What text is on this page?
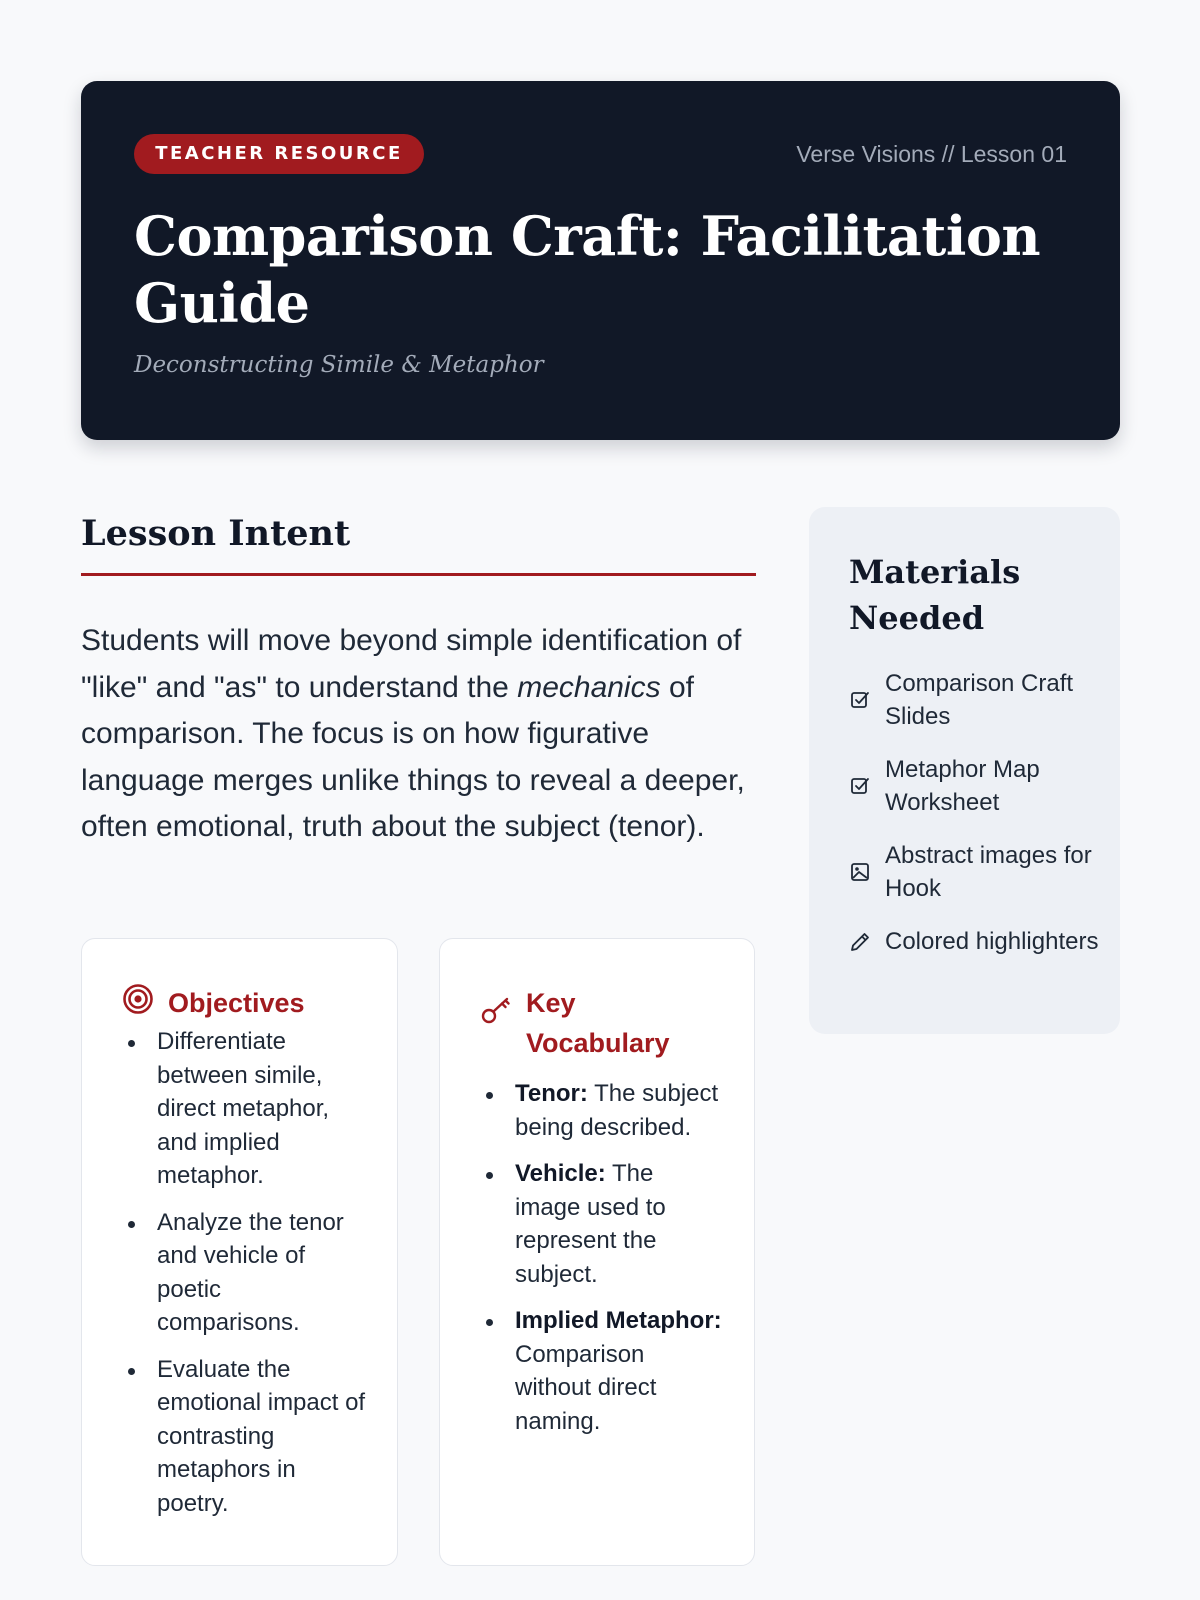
TEACHER RESOURCE	Verse Visions // Lesson 01
Comparison Craft: Facilitation Guide
Deconstructing Simile & Metaphor
Lesson Intent

Students will move beyond simple identification of "like" and "as" to understand the mechanics of comparison. The focus is on how figurative language merges unlike things to reveal a deeper, often emotional, truth about the subject (tenor).

Objectives
Differentiate between simile, direct metaphor, and implied metaphor.
Analyze the tenor and vehicle of poetic comparisons.
Evaluate the emotional impact of contrasting metaphors in poetry.
Key Vocabulary
Tenor: The subject being described.
Vehicle: The image used to represent the subject.
Implied Metaphor: Comparison without direct naming.
Materials Needed
Comparison Craft Slides
Metaphor Map Worksheet
Abstract images for Hook
Colored highlighters
